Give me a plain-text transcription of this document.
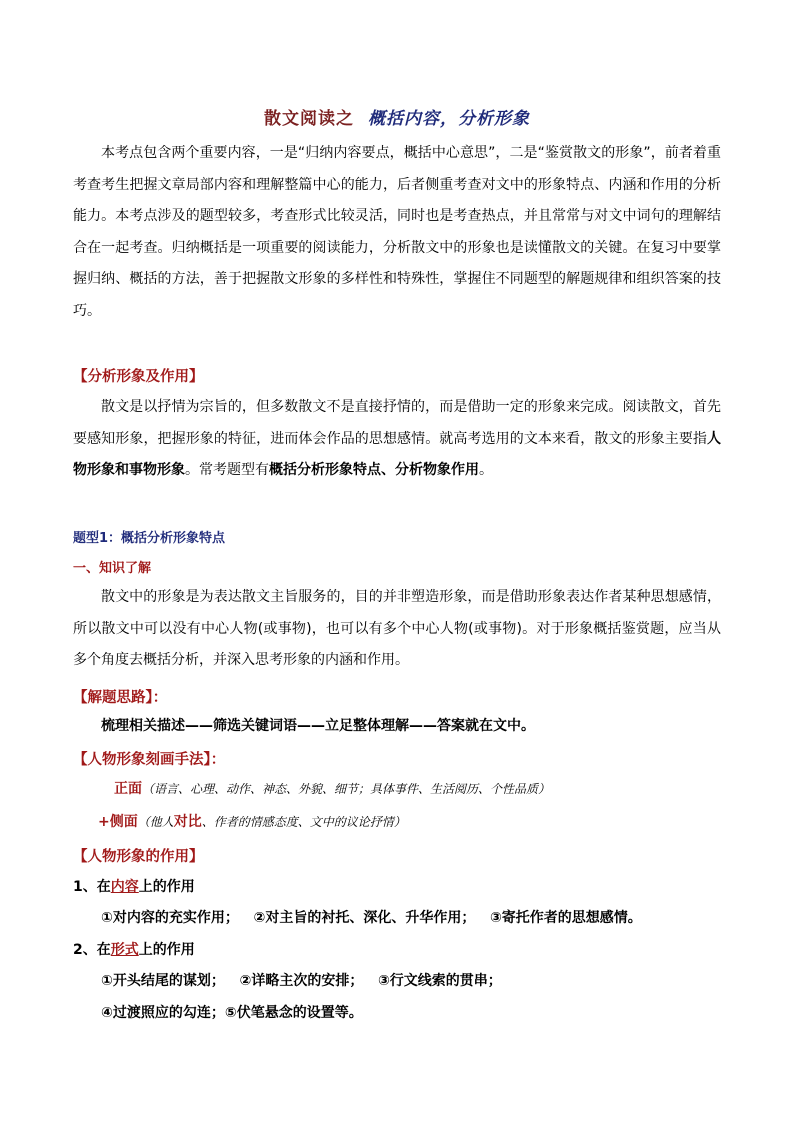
散文阅读之 概括内容，分析形象

本考点包含两个重要内容，一是“归纳内容要点，概括中心意思”，二是“鉴赏散文的形象”，前者着重考查考生把握文章局部内容和理解整篇中心的能力，后者侧重考查对文中的形象特点、内涵和作用的分析能力。本考点涉及的题型较多，考查形式比较灵活，同时也是考查热点，并且常常与对文中词句的理解结合在一起考查。归纳概括是一项重要的阅读能力，分析散文中的形象也是读懂散文的关键。在复习中要掌握归纳、概括的方法，善于把握散文形象的多样性和特殊性，掌握住不同题型的解题规律和组织答案的技巧。

【分析形象及作用】

散文是以抒情为宗旨的，但多数散文不是直接抒情的，而是借助一定的形象来完成。阅读散文，首先要感知形象，把握形象的特征，进而体会作品的思想感情。就高考选用的文本来看，散文的形象主要指人物形象和事物形象。常考题型有概括分析形象特点、分析物象作用。

题型1：概括分析形象特点
一、知识了解

散文中的形象是为表达散文主旨服务的，目的并非塑造形象，而是借助形象表达作者某种思想感情，所以散文中可以没有中心人物(或事物)，也可以有多个中心人物(或事物)。对于形象概括鉴赏题，应当从多个角度去概括分析，并深入思考形象的内涵和作用。

【解题思路】：
梳理相关描述——筛选关键词语——立足整体理解——答案就在文中。
【人物形象刻画手法】：
正面（语言、心理、动作、神态、外貌、细节；具体事件、生活阅历、个性品质）
+侧面（他人对比、作者的情感态度、文中的议论抒情）
【人物形象的作用】
1、在内容上的作用
①对内容的充实作用；   ②对主旨的衬托、深化、升华作用；   ③寄托作者的思想感情。
2、在形式上的作用
①开头结尾的谋划；   ②详略主次的安排；   ③行文线索的贯串；
④过渡照应的勾连；⑤伏笔悬念的设置等。
